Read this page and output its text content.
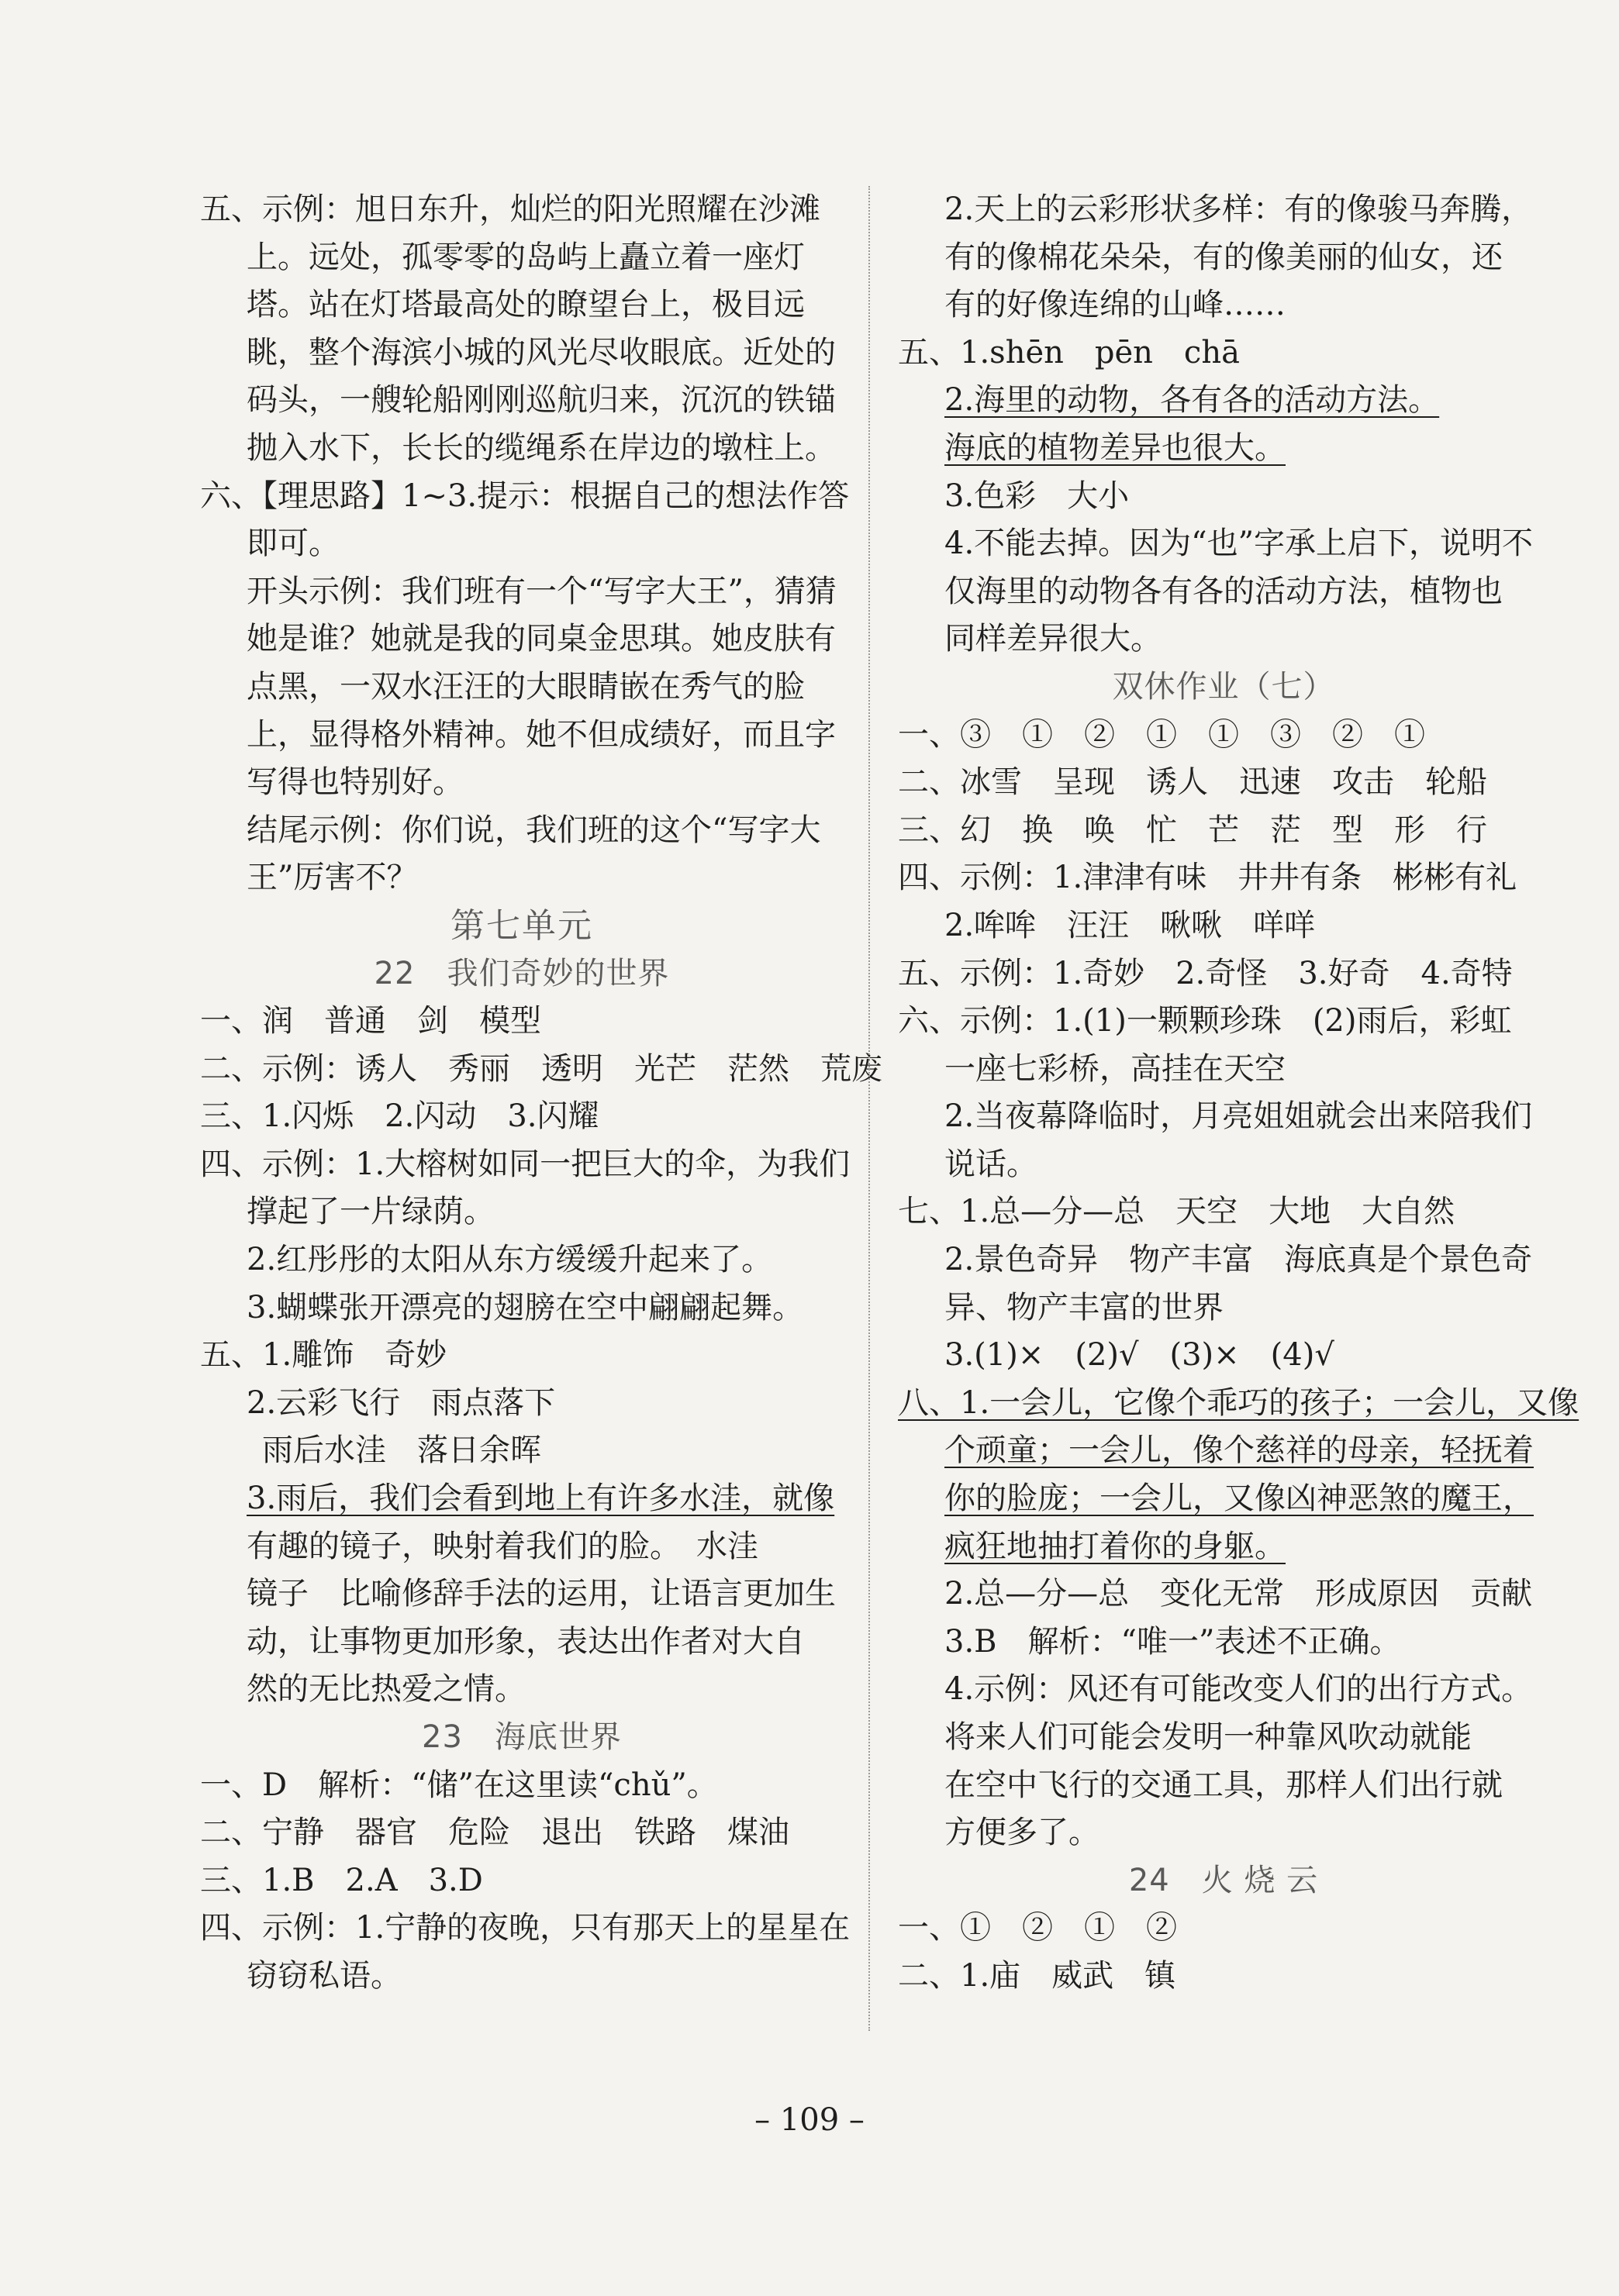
五、示例：旭日东升，灿烂的阳光照耀在沙滩
上。远处，孤零零的岛屿上矗立着一座灯
塔。站在灯塔最高处的瞭望台上，极目远
眺，整个海滨小城的风光尽收眼底。近处的
码头，一艘轮船刚刚巡航归来，沉沉的铁锚
抛入水下，长长的缆绳系在岸边的墩柱上。
六、【理思路】1~3.提示：根据自己的想法作答
即可。
开头示例：我们班有一个“写字大王”，猜猜
她是谁？她就是我的同桌金思琪。她皮肤有
点黑，一双水汪汪的大眼睛嵌在秀气的脸
上，显得格外精神。她不但成绩好，而且字
写得也特别好。
结尾示例：你们说，我们班的这个“写字大
王”厉害不？
第七单元
22　我们奇妙的世界
一、润　普通　剑　模型
二、示例：诱人　秀丽　透明　光芒　茫然　荒废
三、1.闪烁　2.闪动　3.闪耀
四、示例：1.大榕树如同一把巨大的伞，为我们
撑起了一片绿荫。
2.红彤彤的太阳从东方缓缓升起来了。
3.蝴蝶张开漂亮的翅膀在空中翩翩起舞。
五、1.雕饰　奇妙
2.云彩飞行　雨点落下
雨后水洼　落日余晖
3.雨后，我们会看到地上有许多水洼，就像
有趣的镜子，映射着我们的脸。　水洼
镜子　比喻修辞手法的运用，让语言更加生
动，让事物更加形象，表达出作者对大自
然的无比热爱之情。
23　海底世界
一、D　解析：“储”在这里读“chǔ”。
二、宁静　器官　危险　退出　铁路　煤油
三、1.B　2.A　3.D
四、示例：1.宁静的夜晚，只有那天上的星星在
窃窃私语。
2.天上的云彩形状多样：有的像骏马奔腾，
有的像棉花朵朵，有的像美丽的仙女，还
有的好像连绵的山峰……
五、1.shēn　pēn　chā
2.海里的动物，各有各的活动方法。
海底的植物差异也很大。
3.色彩　大小
4.不能去掉。因为“也”字承上启下，说明不
仅海里的动物各有各的活动方法，植物也
同样差异很大。
双休作业（七）
一、③　①　②　①　①　③　②　①
二、冰雪　呈现　诱人　迅速　攻击　轮船
三、幻　换　唤　忙　芒　茫　型　形　行
四、示例：1.津津有味　井井有条　彬彬有礼
2.哞哞　汪汪　啾啾　咩咩
五、示例：1.奇妙　2.奇怪　3.好奇　4.奇特
六、示例：1.(1)一颗颗珍珠　(2)雨后，彩虹
一座七彩桥，高挂在天空
2.当夜幕降临时，月亮姐姐就会出来陪我们
说话。
七、1.总—分—总　天空　大地　大自然
2.景色奇异　物产丰富　海底真是个景色奇
异、物产丰富的世界
3.(1)×　(2)√　(3)×　(4)√
八、1.一会儿，它像个乖巧的孩子；一会儿，又像
个顽童；一会儿，像个慈祥的母亲，轻抚着
你的脸庞；一会儿，又像凶神恶煞的魔王，
疯狂地抽打着你的身躯。
2.总—分—总　变化无常　形成原因　贡献
3.B　解析：“唯一”表述不正确。
4.示例：风还有可能改变人们的出行方式。
将来人们可能会发明一种靠风吹动就能
在空中飞行的交通工具，那样人们出行就
方便多了。
24　火 烧 云
一、①　②　①　②
二、1.庙　威武　镇
– 109 –
